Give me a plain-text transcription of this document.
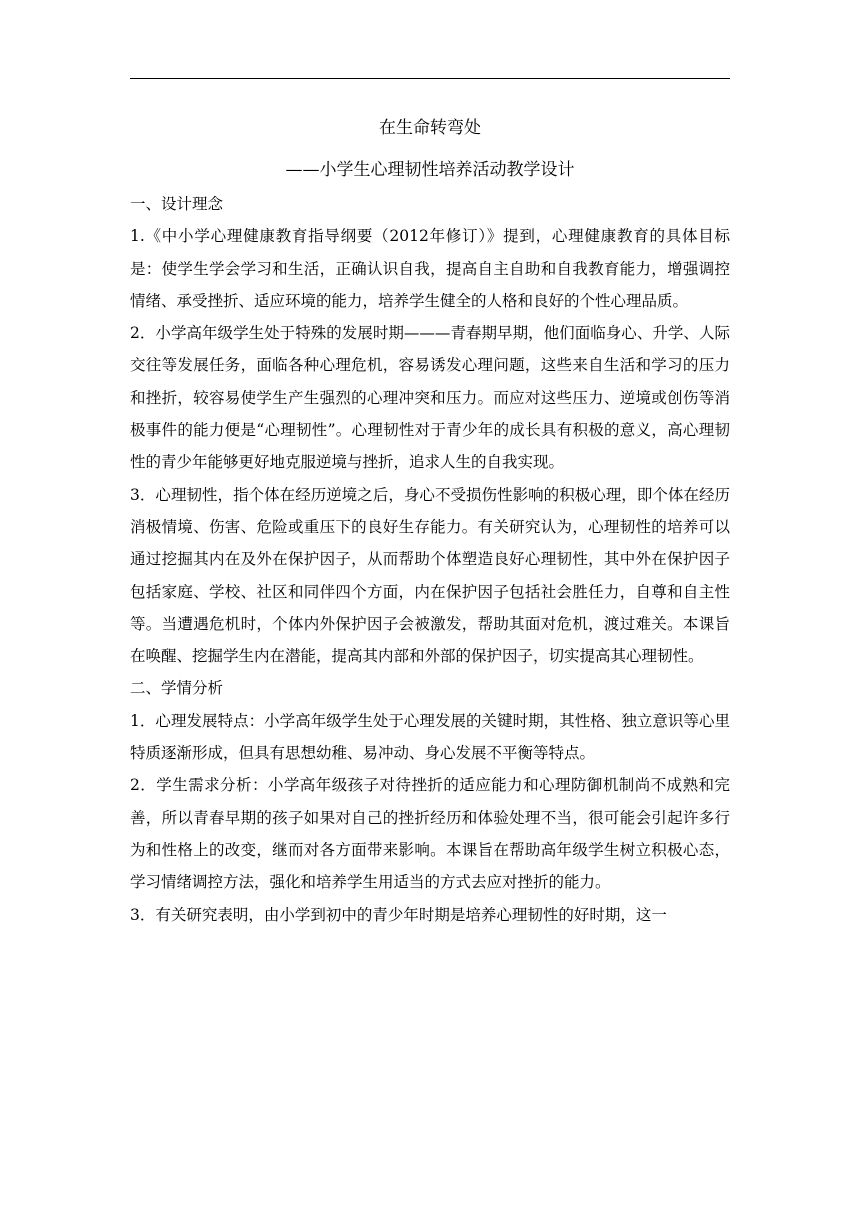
在生命转弯处

——小学生心理韧性培养活动教学设计

一、设计理念

1.《中小学心理健康教育指导纲要（2012年修订）》提到，心理健康教育的具体目标是：使学生学会学习和生活，正确认识自我，提高自主自助和自我教育能力，增强调控情绪、承受挫折、适应环境的能力，培养学生健全的人格和良好的个性心理品质。

2．小学高年级学生处于特殊的发展时期———青春期早期，他们面临身心、升学、人际交往等发展任务，面临各种心理危机，容易诱发心理问题，这些来自生活和学习的压力和挫折，较容易使学生产生强烈的心理冲突和压力。而应对这些压力、逆境或创伤等消极事件的能力便是“心理韧性”。心理韧性对于青少年的成长具有积极的意义，高心理韧性的青少年能够更好地克服逆境与挫折，追求人生的自我实现。

3．心理韧性，指个体在经历逆境之后，身心不受损伤性影响的积极心理，即个体在经历消极情境、伤害、危险或重压下的良好生存能力。有关研究认为，心理韧性的培养可以通过挖掘其内在及外在保护因子，从而帮助个体塑造良好心理韧性，其中外在保护因子包括家庭、学校、社区和同伴四个方面，内在保护因子包括社会胜任力，自尊和自主性等。当遭遇危机时，个体内外保护因子会被激发，帮助其面对危机，渡过难关。本课旨在唤醒、挖掘学生内在潜能，提高其内部和外部的保护因子，切实提高其心理韧性。

二、学情分析

1．心理发展特点：小学高年级学生处于心理发展的关键时期，其性格、独立意识等心里特质逐渐形成，但具有思想幼稚、易冲动、身心发展不平衡等特点。

2．学生需求分析：小学高年级孩子对待挫折的适应能力和心理防御机制尚不成熟和完善，所以青春早期的孩子如果对自己的挫折经历和体验处理不当，很可能会引起许多行为和性格上的改变，继而对各方面带来影响。本课旨在帮助高年级学生树立积极心态，学习情绪调控方法，强化和培养学生用适当的方式去应对挫折的能力。

3．有关研究表明，由小学到初中的青少年时期是培养心理韧性的好时期，这一
